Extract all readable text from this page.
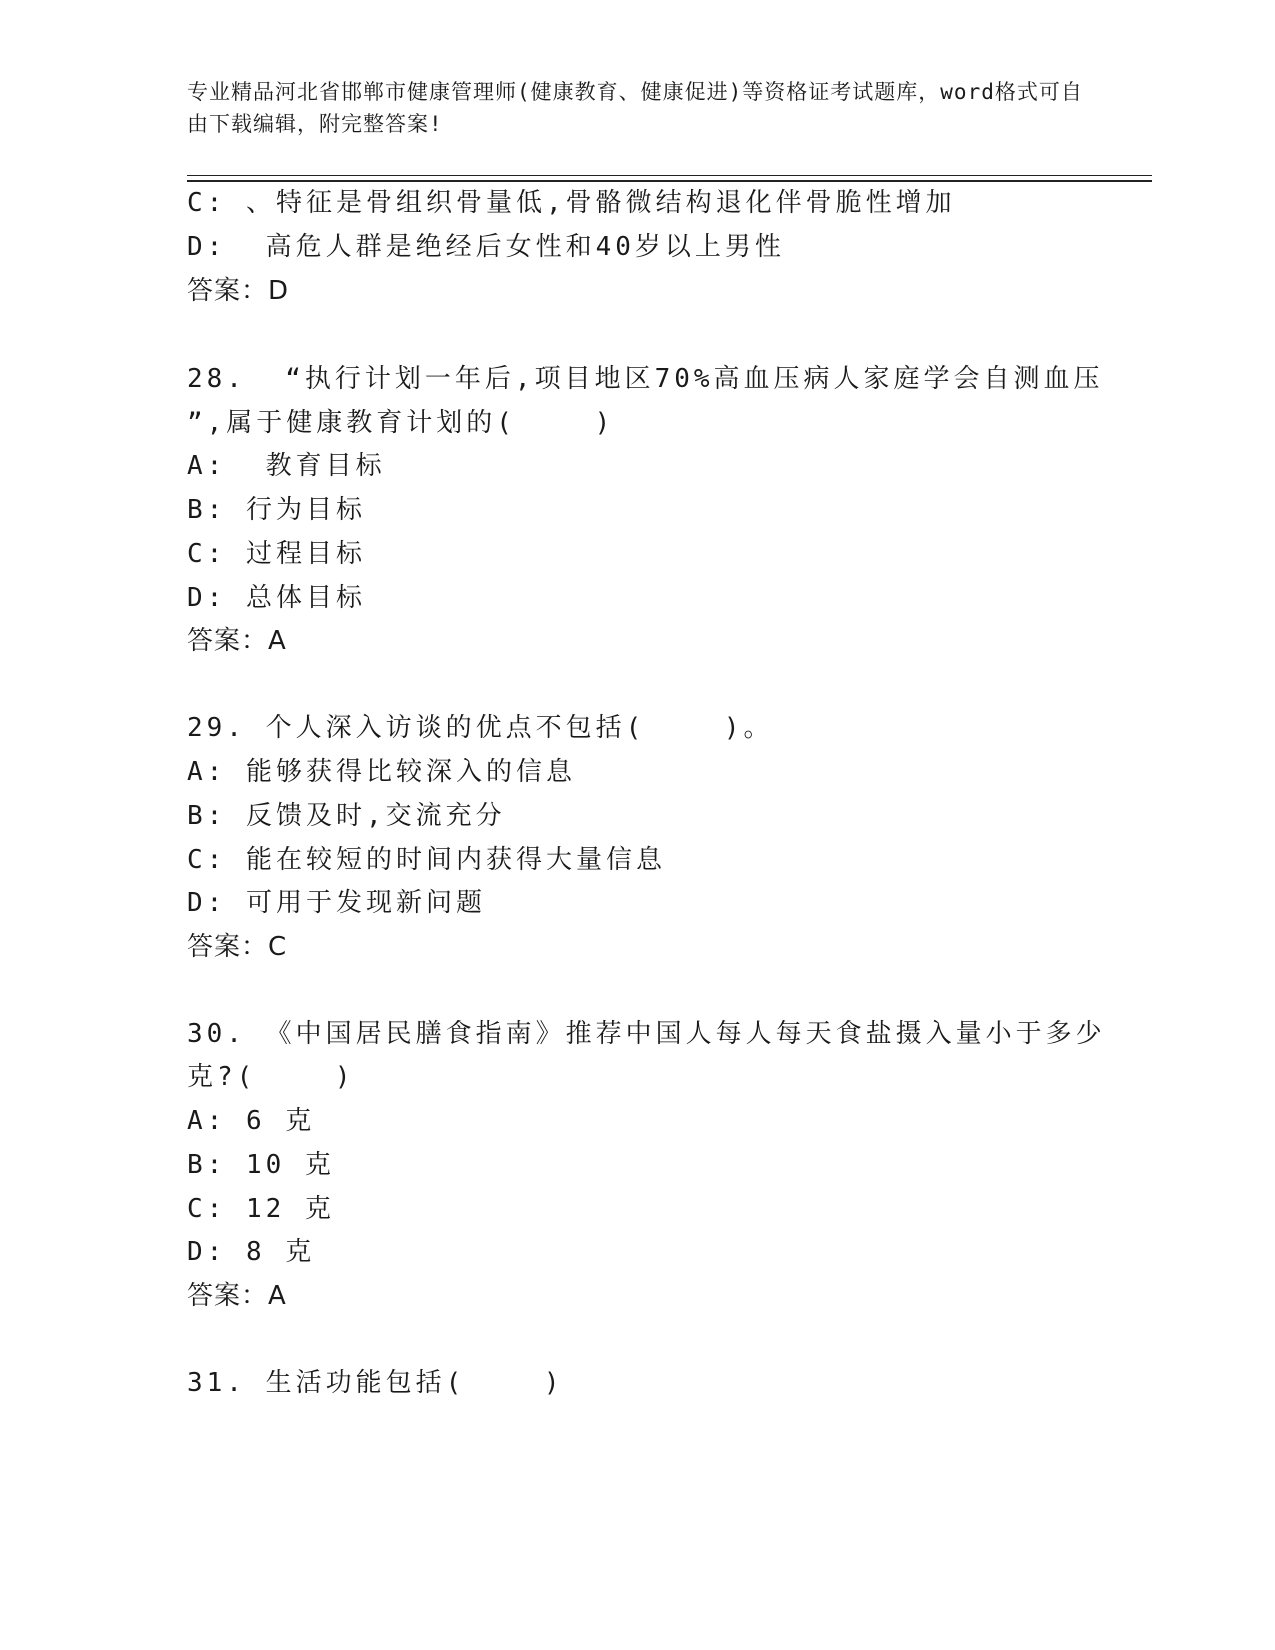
专业精品河北省邯郸市健康管理师(健康教育、健康促进)等资格证考试题库，word格式可自由下载编辑，附完整答案!
C: 、特征是骨组织骨量低,骨骼微结构退化伴骨脆性增加
D:  高危人群是绝经后女性和40岁以上男性
答案：D
28.  “执行计划一年后,项目地区70%高血压病人家庭学会自测血压
”,属于健康教育计划的(    )
A:  教育目标
B: 行为目标
C: 过程目标
D: 总体目标
答案：A
29. 个人深入访谈的优点不包括(    )。
A: 能够获得比较深入的信息
B: 反馈及时,交流充分
C: 能在较短的时间内获得大量信息
D: 可用于发现新问题
答案：C
30. 《中国居民膳食指南》推荐中国人每人每天食盐摄入量小于多少
克?(    )
A: 6 克
B: 10 克
C: 12 克
D: 8 克
答案：A
31. 生活功能包括(    )
